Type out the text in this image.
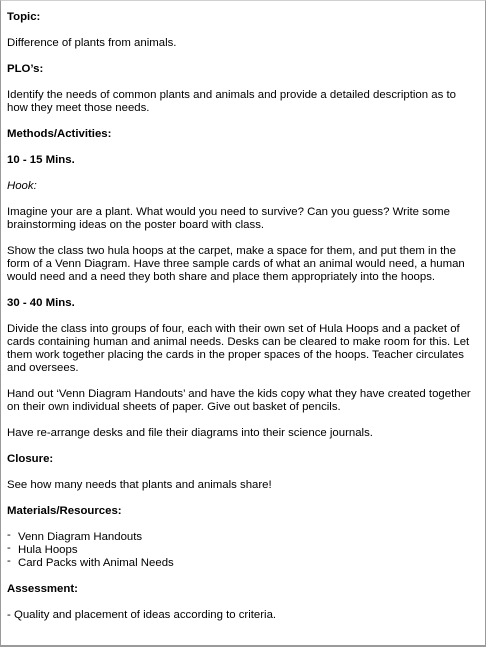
Topic:

Difference of plants from animals.

PLO’s:

Identify the needs of common plants and animals and provide a detailed description as to how they meet those needs.

Methods/Activities:
10 - 15 Mins.

Hook:

Imagine your are a plant. What would you need to survive? Can you guess? Write some brainstorming ideas on the poster board with class.

Show the class two hula hoops at the carpet, make a space for them, and put them in the form of a Venn Diagram. Have three sample cards of what an animal would need, a human would need and a need they both share and place them appropriately into the hoops.

30 - 40 Mins.

Divide the class into groups of four, each with their own set of Hula Hoops and a packet of cards containing human and animal needs. Desks can be cleared to make room for this. Let them work together placing the cards in the proper spaces of the hoops. Teacher circulates and oversees.

Hand out ‘Venn Diagram Handouts’ and have the kids copy what they have created together on their own individual sheets of paper. Give out basket of pencils.

Have re-arrange desks and file their diagrams into their science journals.

Closure:

See how many needs that plants and animals share!

Materials/Resources:
- Venn Diagram Handouts
- Hula Hoops
- Card Packs with Animal Needs
Assessment:

- Quality and placement of ideas according to criteria.
